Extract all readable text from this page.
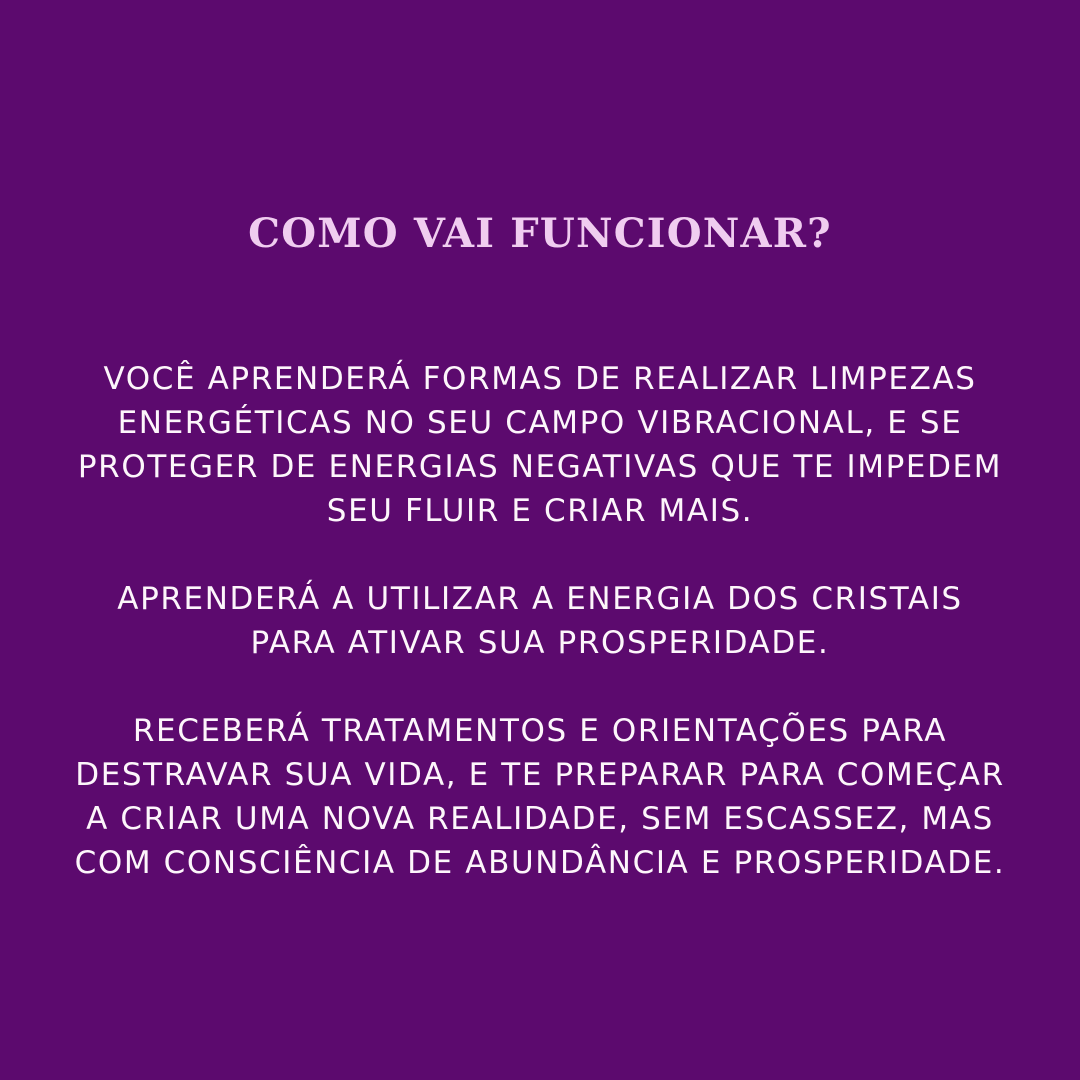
COMO VAI FUNCIONAR?

VOCÊ APRENDERÁ FORMAS DE REALIZAR LIMPEZAS ENERGÉTICAS NO SEU CAMPO VIBRACIONAL, E SE PROTEGER DE ENERGIAS NEGATIVAS QUE TE IMPEDEM SEU FLUIR E CRIAR MAIS.

APRENDERÁ A UTILIZAR A ENERGIA DOS CRISTAIS PARA ATIVAR SUA PROSPERIDADE.

RECEBERÁ TRATAMENTOS E ORIENTAÇÕES PARA DESTRAVAR SUA VIDA, E TE PREPARAR PARA COMEÇAR A CRIAR UMA NOVA REALIDADE, SEM ESCASSEZ, MAS COM CONSCIÊNCIA DE ABUNDÂNCIA E PROSPERIDADE.
